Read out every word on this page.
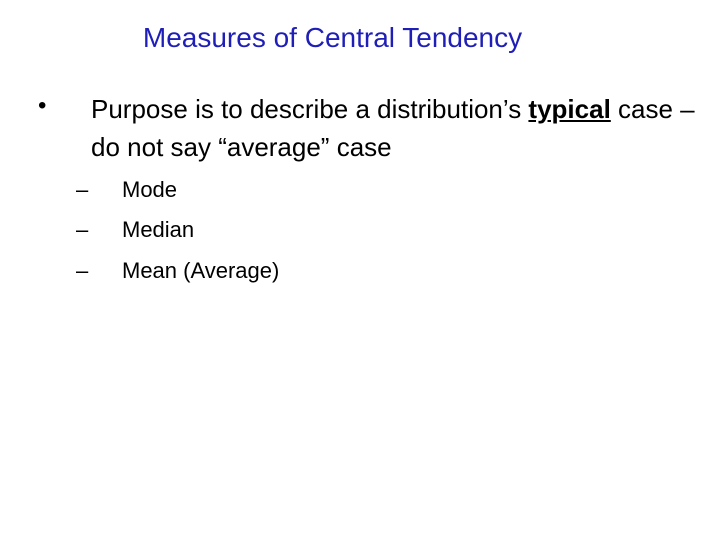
Measures of Central Tendency
• Purpose is to describe a distribution’s typical case – do not say “average” case
– Mode
– Median
– Mean (Average)
